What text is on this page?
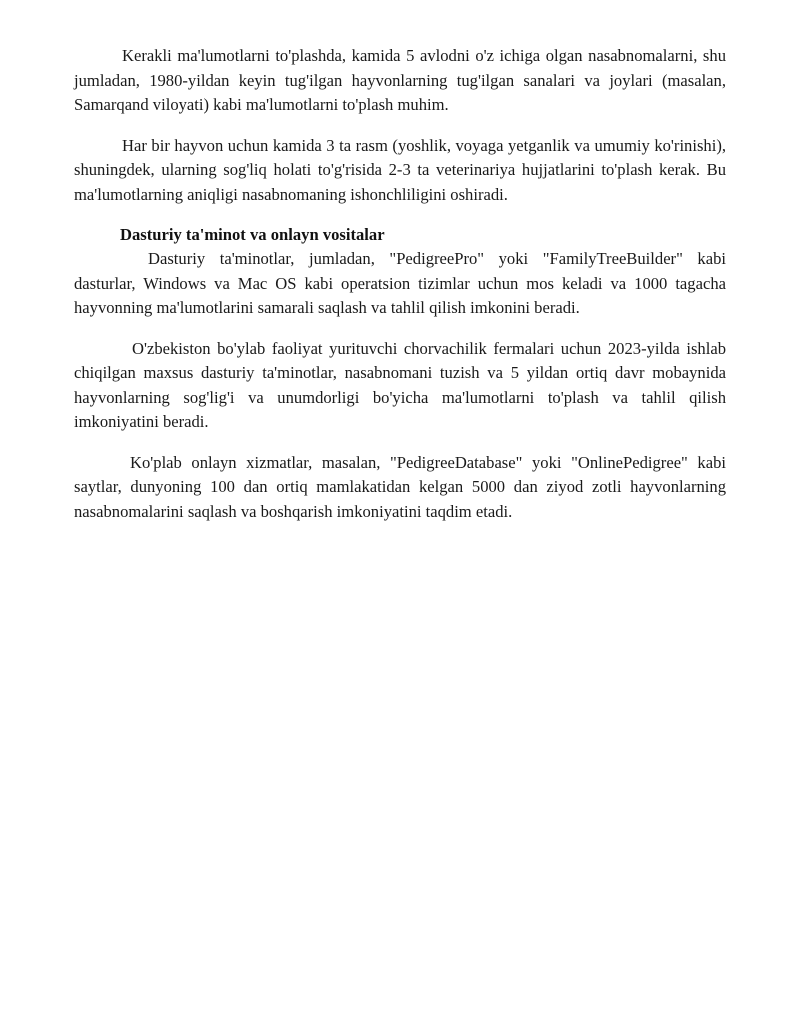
Kerakli ma'lumotlarni to'plashda, kamida 5 avlodni o'z ichiga olgan nasabnomalarni, shu jumladan, 1980-yildan keyin tug'ilgan hayvonlarning tug'ilgan sanalari va joylari (masalan, Samarqand viloyati) kabi ma'lumotlarni to'plash muhim.

Har bir hayvon uchun kamida 3 ta rasm (yoshlik, voyaga yetganlik va umumiy ko'rinishi), shuningdek, ularning sog'liq holati to'g'risida 2-3 ta veterinariya hujjatlarini to'plash kerak. Bu ma'lumotlarning aniqligi nasabnomaning ishonchliligini oshiradi.

Dasturiy ta'minot va onlayn vositalar

Dasturiy ta'minotlar, jumladan, "PedigreePro" yoki "FamilyTreeBuilder" kabi dasturlar, Windows va Mac OS kabi operatsion tizimlar uchun mos keladi va 1000 tagacha hayvonning ma'lumotlarini samarali saqlash va tahlil qilish imkonini beradi.

O'zbekiston bo'ylab faoliyat yurituvchi chorvachilik fermalari uchun 2023-yilda ishlab chiqilgan maxsus dasturiy ta'minotlar, nasabnomani tuzish va 5 yildan ortiq davr mobaynida hayvonlarning sog'lig'i va unumdorligi bo'yicha ma'lumotlarni to'plash va tahlil qilish imkoniyatini beradi.

Ko'plab onlayn xizmatlar, masalan, "PedigreeDatabase" yoki "OnlinePedigree" kabi saytlar, dunyoning 100 dan ortiq mamlakatidan kelgan 5000 dan ziyod zotli hayvonlarning nasabnomalarini saqlash va boshqarish imkoniyatini taqdim etadi.
